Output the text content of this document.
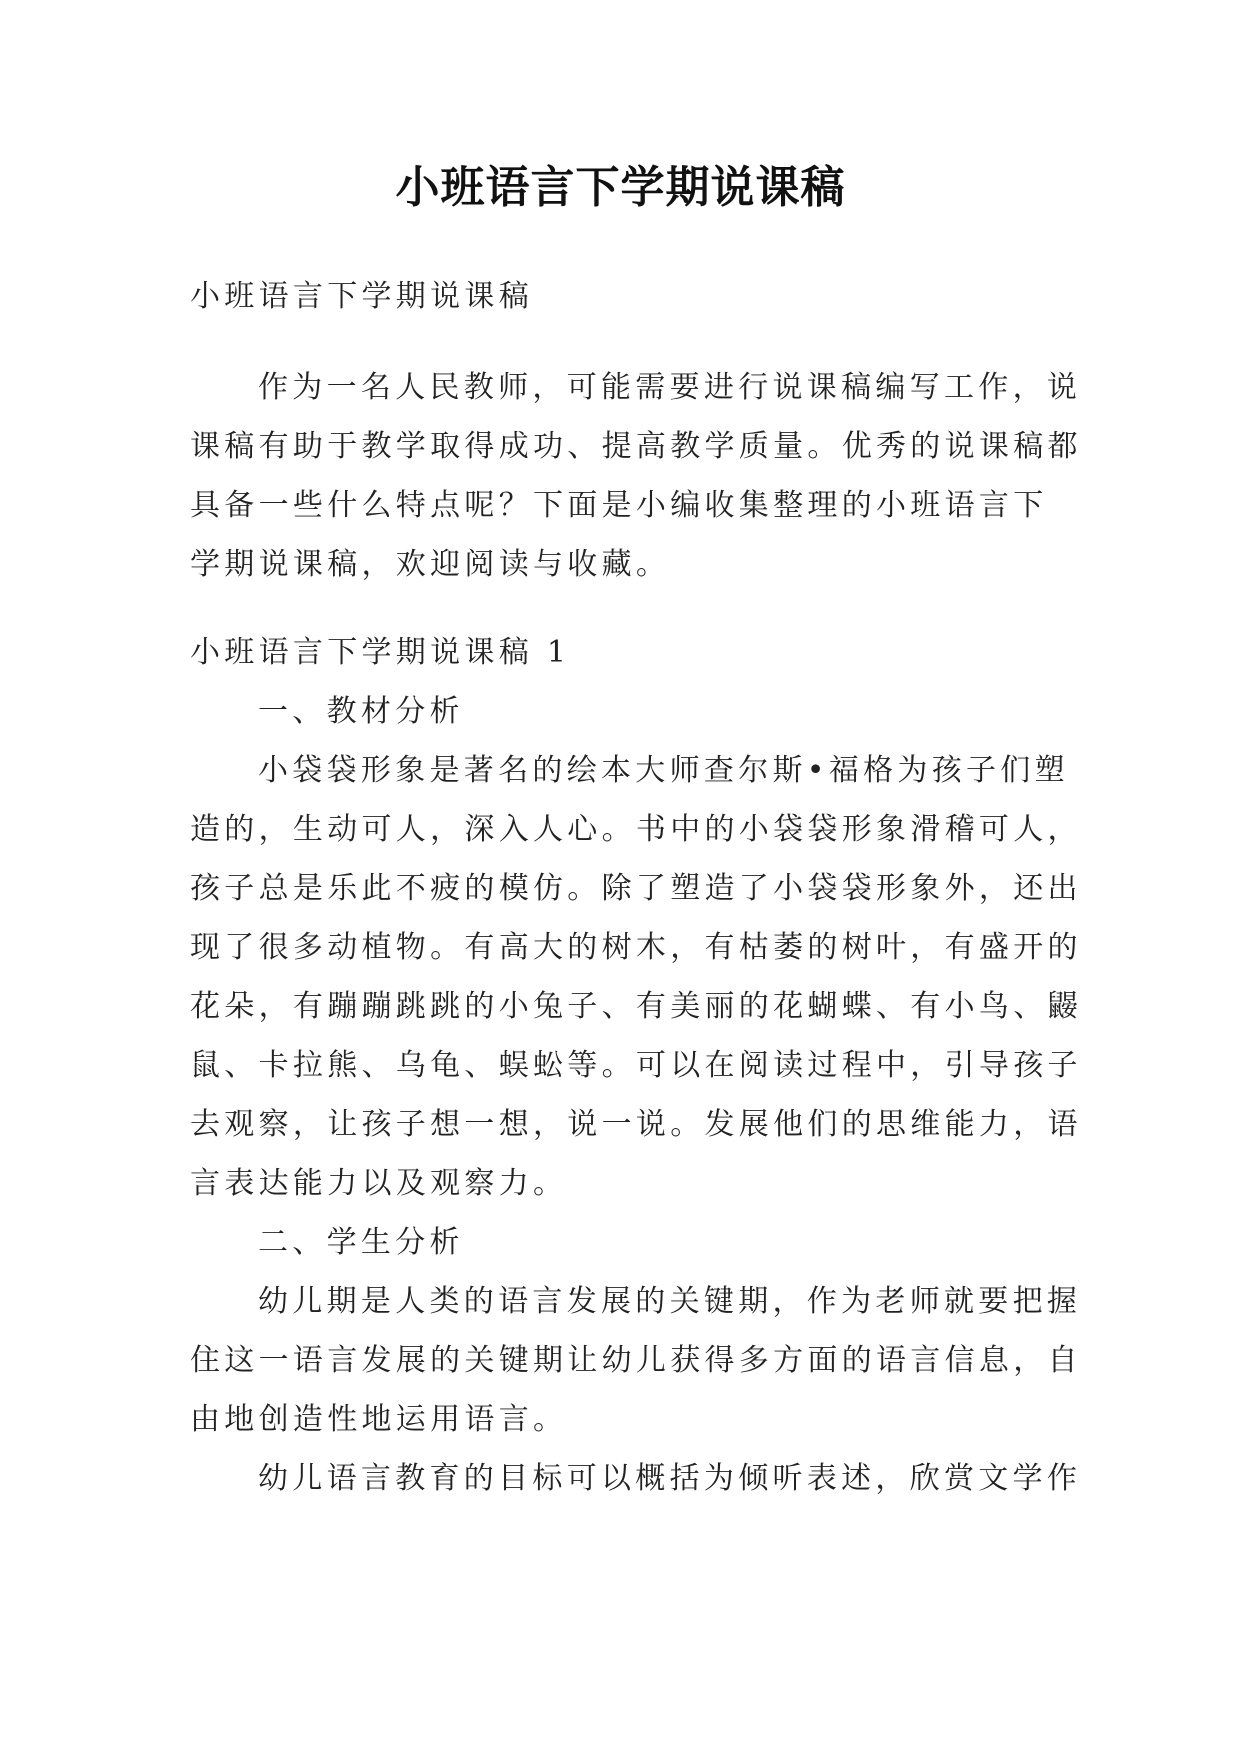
小班语言下学期说课稿
小班语言下学期说课稿
作为一名人民教师，可能需要进行说课稿编写工作，说
课稿有助于教学取得成功、提高教学质量。优秀的说课稿都
具备一些什么特点呢？下面是小编收集整理的小班语言下
学期说课稿，欢迎阅读与收藏。
小班语言下学期说课稿 1
一、教材分析
小袋袋形象是著名的绘本大师查尔斯•福格为孩子们塑
造的，生动可人，深入人心。书中的小袋袋形象滑稽可人，
孩子总是乐此不疲的模仿。除了塑造了小袋袋形象外，还出
现了很多动植物。有高大的树木，有枯萎的树叶，有盛开的
花朵，有蹦蹦跳跳的小兔子、有美丽的花蝴蝶、有小鸟、鼹
鼠、卡拉熊、乌龟、蜈蚣等。可以在阅读过程中，引导孩子
去观察，让孩子想一想，说一说。发展他们的思维能力，语
言表达能力以及观察力。
二、学生分析
幼儿期是人类的语言发展的关键期，作为老师就要把握
住这一语言发展的关键期让幼儿获得多方面的语言信息，自
由地创造性地运用语言。
幼儿语言教育的目标可以概括为倾听表述，欣赏文学作
